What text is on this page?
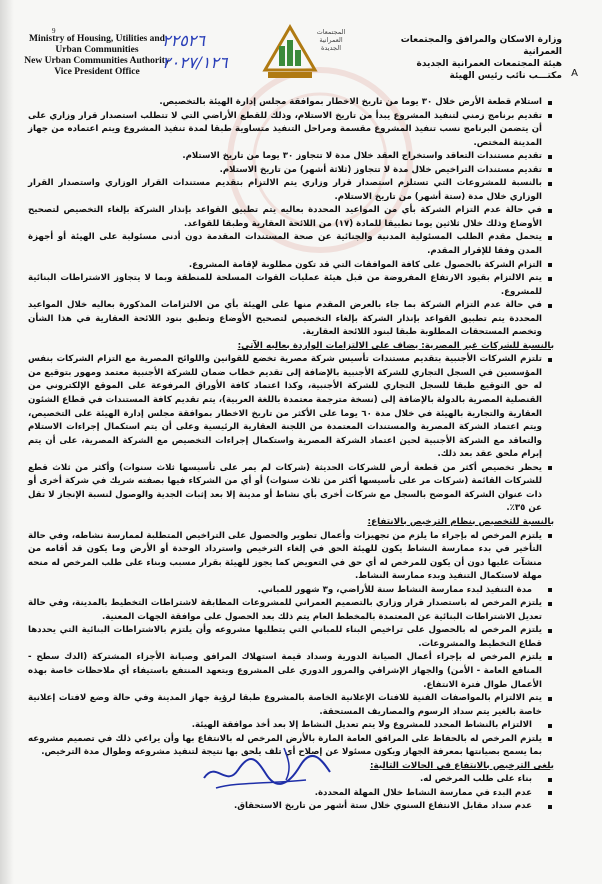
9
Ministry of Housing, Utilities and
Urban Communities
New Urban Communities Authority
Vice President Office
٢٢٥٢٦
٢٠٢٧/١٢٦
المجتمعات العمرانية الجديدة
وزارة الاسكان والمرافق والمجتمعات العمرانية
هيئة المجتمعات العمرانية الجديدة
مكتـــب نائب رئيس الهيئة A

استلام قطعة الأرض خلال ٣٠ يوما من تاريخ الاخطار بموافقة مجلس إدارة الهيئة بالتخصيص.

تقديم برنامج زمني لتنفيذ المشروع يبدأ من تاريخ الاستلام، وذلك للقطع الأراضي التي لا تتطلب استصدار قرار وزاري على أن يتضمن البرنامج نسب تنفيذ المشروع مقسمة ومراحل التنفيذ متساوية طبقا لمدة تنفيذ المشروع ويتم اعتماده من جهاز المدينة المختص.

تقديم مستندات التعاقد واستخراج العقد خلال مدة لا تتجاوز ٣٠ يوما من تاريخ الاستلام.

تقديم مستندات التراخيص خلال مدة لا تتجاوز (ثلاثة أشهر) من تاريخ الاستلام.

بالنسبة للمشروعات التي تستلزم استصدار قرار وزاري يتم الالتزام بتقديم مستندات القرار الوزاري واستصدار القرار الوزاري خلال مدة (ستة أشهر) من تاريخ الاستلام.

في حالة عدم التزام الشركة بأي من المواعيد المحددة بعاليه يتم تطبيق القواعد بإنذار الشركة بإلغاء التخصيص لتصحيح الأوضاع وذلك خلال ثلاثين يوما تطبيقا للمادة (١٧) من اللائحة العقارية وطبقا للقواعد.

يتحمل مقدم الطلب المسئولية المدنية والجنائية عن صحة المستندات المقدمة دون أدنى مسئولية على الهيئة أو أجهزة المدن وفقا للإقرار المقدم.

التزام الشركة بالحصول على كافة الموافقات التي قد تكون مطلوبة لإقامة المشروع.

يتم الالتزام بقيود الارتفاع المفروضة من قبل هيئة عمليات القوات المسلحة للمنطقة وبما لا يتجاوز الاشتراطات البنائية للمشروع.

في حالة عدم التزام الشركة بما جاء بالعرض المقدم منها على الهيئة بأي من الالتزامات المذكورة بعاليه خلال المواعيد المحددة يتم تطبيق القواعد بإنذار الشركة بإلغاء التخصيص لتصحيح الأوضاع وتطبق بنود اللائحة العقارية في هذا الشأن وتخصم المستحقات المطلوبة طبقا لبنود اللائحة العقارية.

بالنسبة للشركات غير المصرية: يضاف على الالتزامات الواردة بعاليه الآتي:

تلتزم الشركات الأجنبية بتقديم مستندات تأسيس شركة مصرية تخضع للقوانين واللوائح المصرية مع التزام الشركات بنفس المؤسسين في السجل التجاري للشركة الأجنبية بالإضافة إلى تقديم خطاب ضمان للشركة الأجنبية معتمد ومهور بتوقيع من له حق التوقيع طبقا للسجل التجاري للشركة الأجنبية، وكذا اعتماد كافة الأوراق المرفوعة على الموقع الإلكتروني من القنصلية المصرية بالدولة بالإضافة إلى (نسخة مترجمة معتمدة باللغة العربية)، يتم تقديم كافة المستندات في قطاع الشئون العقارية والتجارية بالهيئة في خلال مدة ٦٠ يوما على الأكثر من تاريخ الاخطار بموافقة مجلس إدارة الهيئة على التخصيص، ويتم اعتماد الشركة المصرية والمستندات المعتمدة من اللجنة العقارية الرئيسية وعلى أن يتم استكمال إجراءات الاستلام والتعاقد مع الشركة الأجنبية لحين اعتماد الشركة المصرية واستكمال إجراءات التخصيص مع الشركة المصرية، على أن يتم إبرام ملحق عقد بعد ذلك.

يحظر تخصيص أكثر من قطعة أرض للشركات الحديثة (شركات لم يمر على تأسيسها ثلاث سنوات) وأكثر من ثلاث قطع للشركات القائمة (شركات مر على تأسيسها أكثر من ثلاث سنوات) أو أي من الشركاء فيها بصفته شريك في شركة أخرى أو ذات عنوان الشركة الموضح بالسجل مع شركات أخرى بأي نشاط أو مدينة إلا بعد إثبات الجدية والوصول لنسبة الإنجاز لا تقل عن ٣٥٪.

بالنسبة للتخصيص بنظام الترخيص بالانتفاع:

يلتزم المرخص له بإجراء ما يلزم من تجهيزات وأعمال تطوير والحصول على التراخيص المتطلبة لممارسة نشاطه، وفي حالة التأخير في بدء ممارسة النشاط يكون للهيئة الحق في إلغاء الترخيص واسترداد الوحدة أو الأرض وما يكون قد أقامه من منشآت عليها دون أن يكون للمرخص له أي حق في التعويض كما يجوز للهيئة بقرار مسبب وبناء على طلب المرخص له منحه مهلة لاستكمال التنفيذ وبدء ممارسة النشاط.

مدة التنفيذ لبدء ممارسة النشاط سنة للأراضي، و٣ شهور للمباني.

يلتزم المرخص له باستصدار قرار وزاري بالتصميم العمراني للمشروعات المطابقة لاشتراطات التخطيط بالمدينة، وفي حالة تعديل الاشتراطات البنائية عن المعتمدة بالمخطط العام يتم ذلك بعد الحصول على موافقة الجهات المعنية.

يلتزم المرخص له بالحصول على تراخيص البناء للمباني التي يتطلبها مشروعه وأن يلتزم بالاشتراطات البنائية التي يحددها قطاع التخطيط والمشروعات.

يلتزم المرخص له بإجراء أعمال الصيانة الدورية وسداد قيمة استهلاك المرافق وصيانة الأجزاء المشتركة (الدك سطح - المنافع العامة - الأمن) والجهاز الإشرافي والمرور الدوري على المشروع ويتعهد المنتفع باستيفاء أي ملاحظات خاصة بهذه الأعمال طوال فترة الانتفاع.

يتم الالتزام بالمواصفات الفنية للافتات الإعلانية الخاصة بالمشروع طبقا لرؤية جهاز المدينة وفي حالة وضع لافتات إعلانية خاصة بالغير يتم سداد الرسوم والمصاريف المستحقة.

الالتزام بالنشاط المحدد للمشروع ولا يتم تعديل النشاط إلا بعد أخذ موافقة الهيئة.

يلتزم المرخص له بالحفاظ على المرافق العامة المارة بالأرض المرخص له بالانتفاع بها وأن يراعي ذلك في تصميم مشروعه بما يسمح بصيانتها بمعرفة الجهاز ويكون مسئولا عن إصلاح أي تلف يلحق بها نتيجة لتنفيذ مشروعه وطوال مدة الترخيص.

يلغى الترخيص بالانتفاع في الحالات التالية:

بناء على طلب المرخص له.

عدم البدء في ممارسة النشاط خلال المهلة المحددة.

عدم سداد مقابل الانتفاع السنوي خلال ستة أشهر من تاريخ الاستحقاق.
